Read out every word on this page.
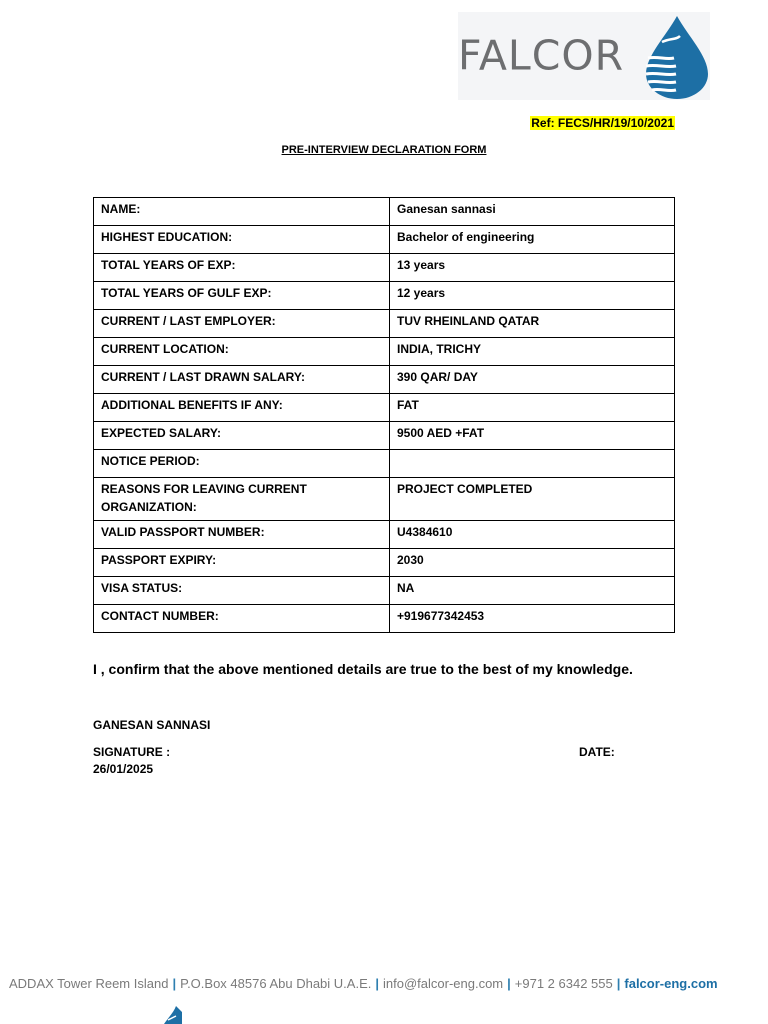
FALCOR
Ref: FECS/HR/19/10/2021
PRE-INTERVIEW DECLARATION FORM
NAME:	Ganesan sannasi
HIGHEST EDUCATION:	Bachelor of engineering
TOTAL YEARS OF EXP:	13 years
TOTAL YEARS OF GULF EXP:	12 years
CURRENT / LAST EMPLOYER:	TUV RHEINLAND QATAR
CURRENT LOCATION:	INDIA, TRICHY
CURRENT / LAST DRAWN SALARY:	390 QAR/ DAY
ADDITIONAL BENEFITS IF ANY:	FAT
EXPECTED SALARY:	9500 AED +FAT
NOTICE PERIOD:	
REASONS FOR LEAVING CURRENT ORGANIZATION:	PROJECT COMPLETED
VALID PASSPORT NUMBER:	U4384610
PASSPORT EXPIRY:	2030
VISA STATUS:	NA
CONTACT NUMBER:	+919677342453
I , confirm that the above mentioned details are true to the best of my knowledge.
GANESAN SANNASI
SIGNATURE :	DATE:
26/01/2025
ADDAX Tower Reem Island | P.O.Box 48576 Abu Dhabi U.A.E. | info@falcor-eng.com | +971 2 6342 555 | falcor-eng.com
